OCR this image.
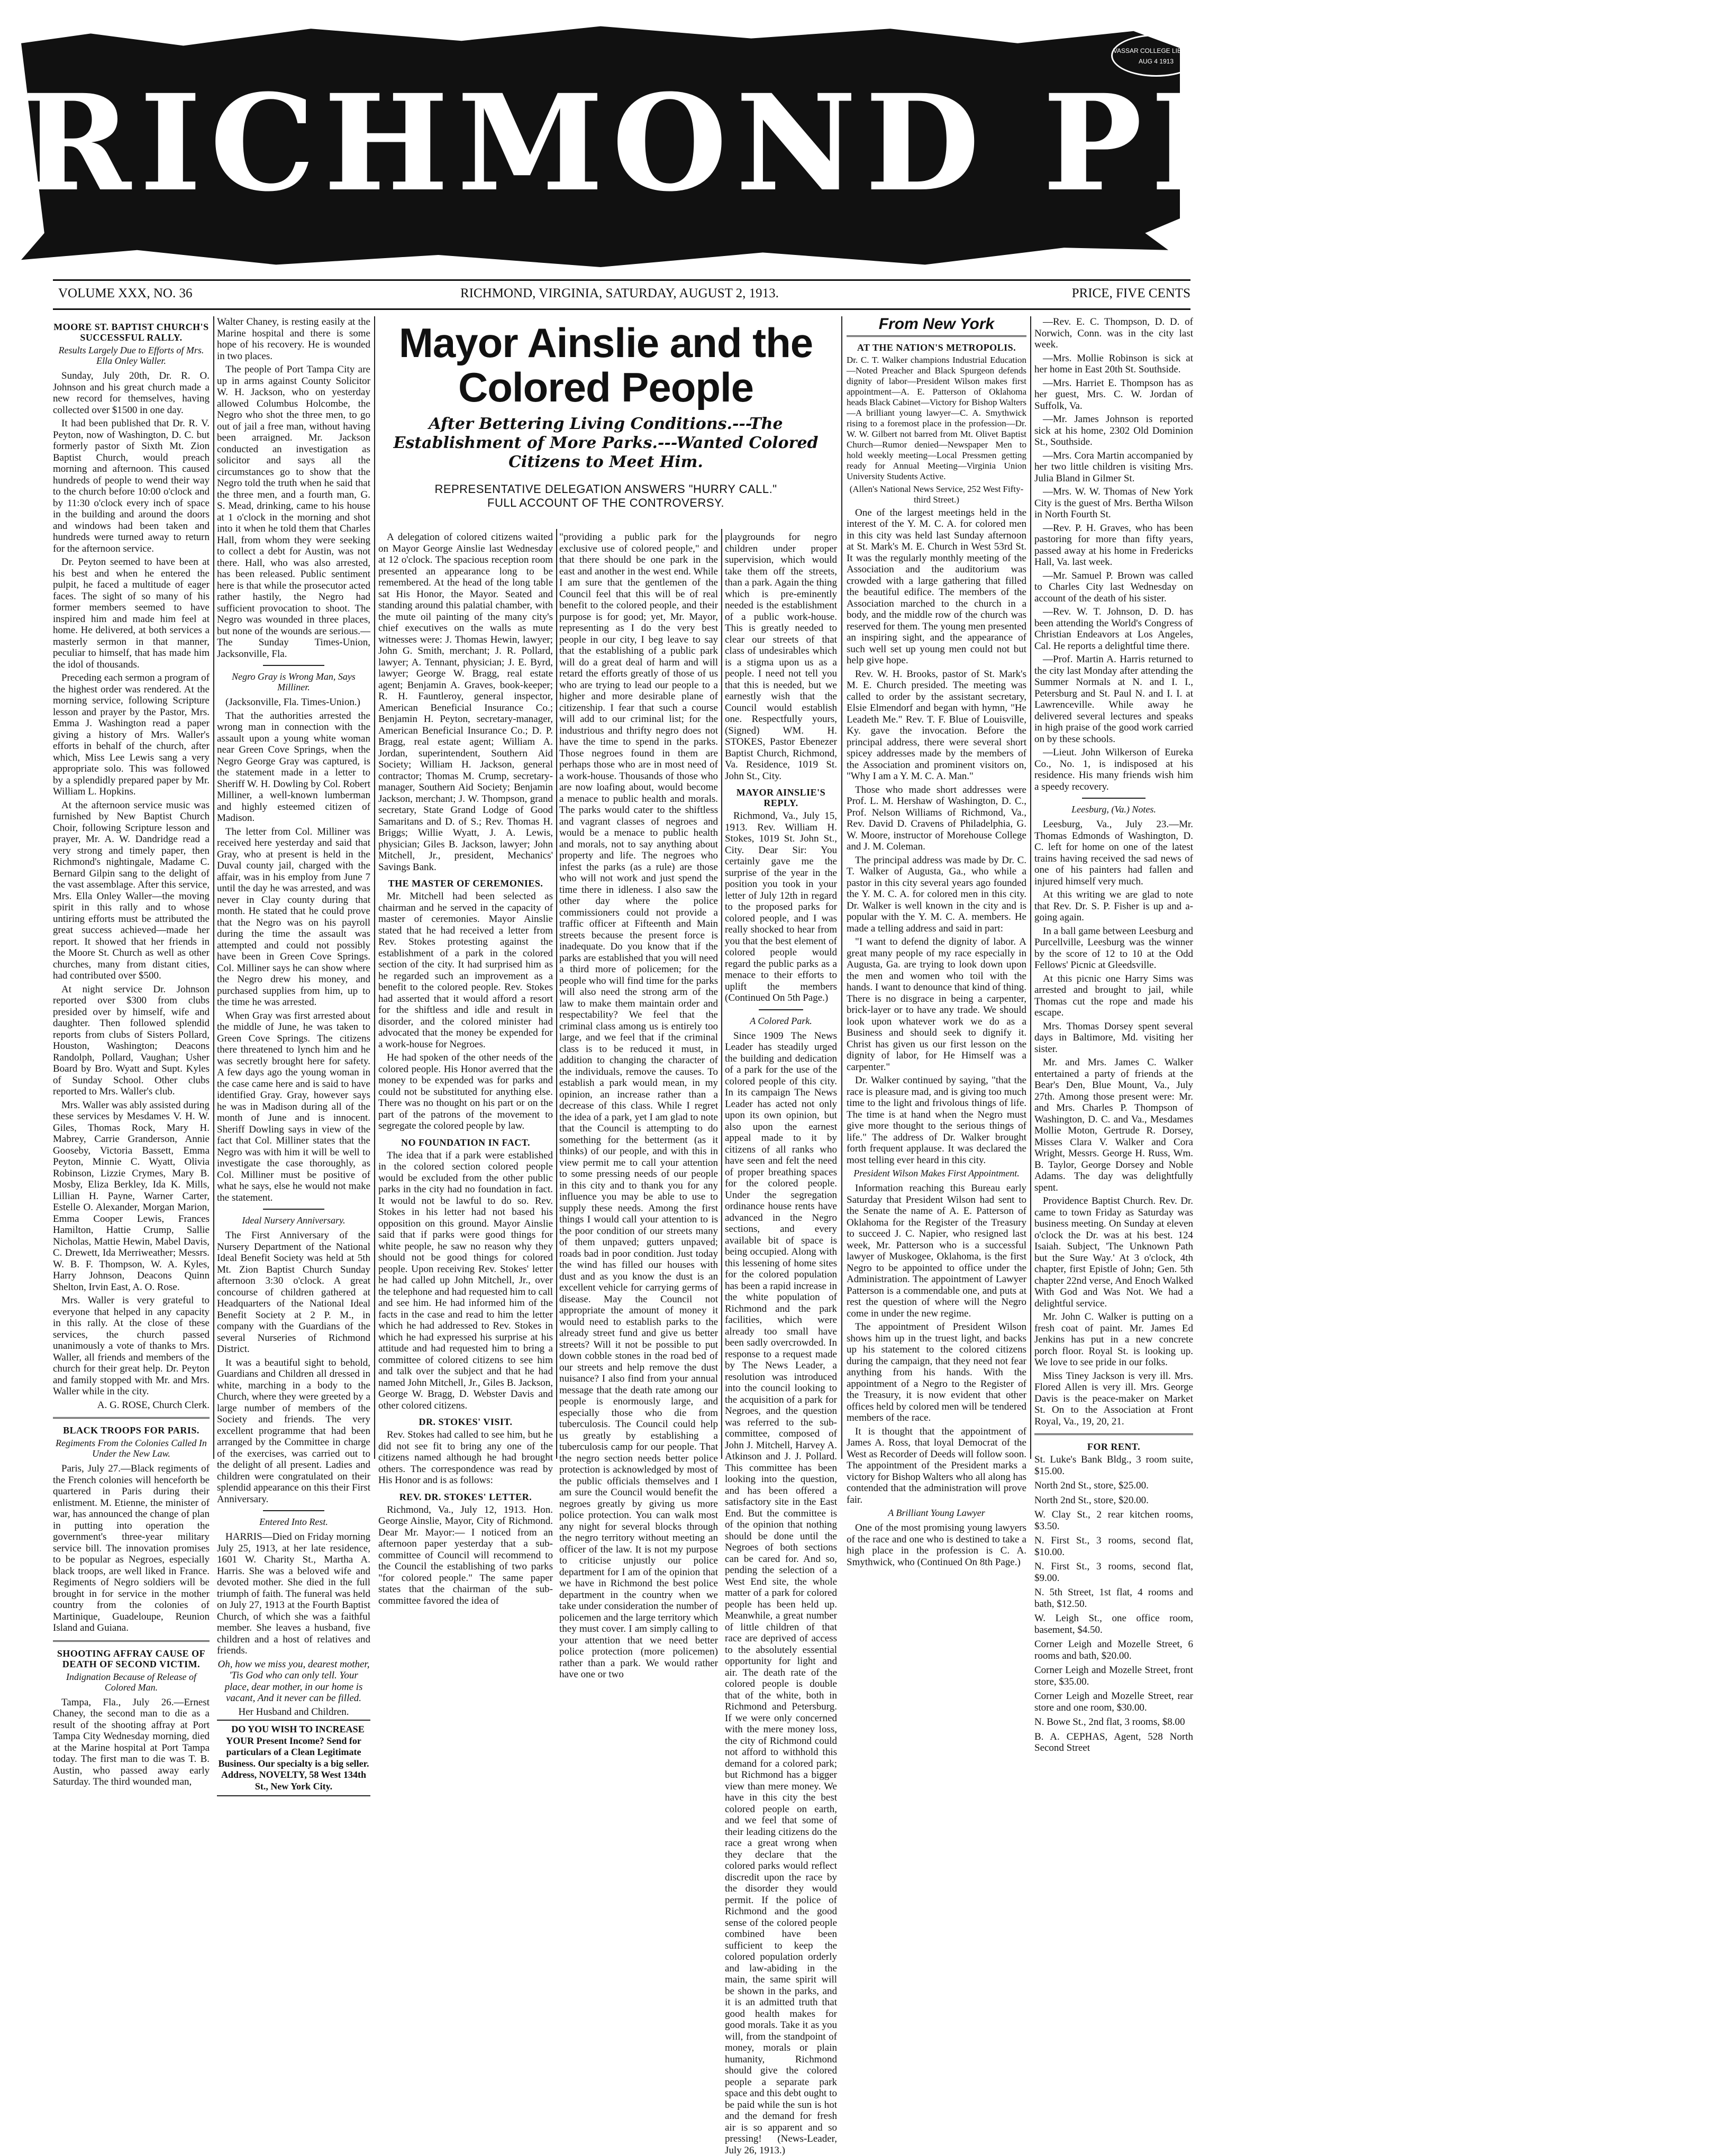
RICHMOND PLANET
VASSAR COLLEGE LIBRARY AUG 4 1913
VOLUME XXX, NO. 36	RICHMOND, VIRGINIA, SATURDAY, AUGUST 2, 1913.	PRICE, FIVE CENTS
MOORE ST. BAPTIST CHURCH'S SUCCESSFUL RALLY.
Results Largely Due to Efforts of Mrs. Ella Onley Waller.

Sunday, July 20th, Dr. R. O. Johnson and his great church made a new record for themselves, having collected over $1500 in one day.

It had been published that Dr. R. V. Peyton, now of Washington, D. C. but formerly pastor of Sixth Mt. Zion Baptist Church, would preach morning and afternoon. This caused hundreds of people to wend their way to the church before 10:00 o'clock and by 11:30 o'clock every inch of space in the building and around the doors and windows had been taken and hundreds were turned away to return for the afternoon service.

Dr. Peyton seemed to have been at his best and when he entered the pulpit, he faced a multitude of eager faces. The sight of so many of his former members seemed to have inspired him and made him feel at home. He delivered, at both services a masterly sermon in that manner, peculiar to himself, that has made him the idol of thousands.

Preceding each sermon a program of the highest order was rendered. At the morning service, following Scripture lesson and prayer by the Pastor, Mrs. Emma J. Washington read a paper giving a history of Mrs. Waller's efforts in behalf of the church, after which, Miss Lee Lewis sang a very appropriate solo. This was followed by a splendidly prepared paper by Mr. William L. Hopkins.

At the afternoon service music was furnished by New Baptist Church Choir, following Scripture lesson and prayer, Mr. A. W. Dandridge read a very strong and timely paper, then Richmond's nightingale, Madame C. Bernard Gilpin sang to the delight of the vast assemblage. After this service, Mrs. Ella Onley Waller—the moving spirit in this rally and to whose untiring efforts must be attributed the great success achieved—made her report. It showed that her friends in the Moore St. Church as well as other churches, many from distant cities, had contributed over $500.

At night service Dr. Johnson reported over $300 from clubs presided over by himself, wife and daughter. Then followed splendid reports from clubs of Sisters Pollard, Houston, Washington; Deacons Randolph, Pollard, Vaughan; Usher Board by Bro. Wyatt and Supt. Kyles of Sunday School. Other clubs reported to Mrs. Waller's club.

Mrs. Waller was ably assisted during these services by Mesdames V. H. W. Giles, Thomas Rock, Mary H. Mabrey, Carrie Granderson, Annie Gooseby, Victoria Bassett, Emma Peyton, Minnie C. Wyatt, Olivia Robinson, Lizzie Crymes, Mary B. Mosby, Eliza Berkley, Ida K. Mills, Lillian H. Payne, Warner Carter, Estelle O. Alexander, Morgan Marion, Emma Cooper Lewis, Frances Hamilton, Hattie Crump, Sallie Nicholas, Mattie Hewin, Mabel Davis, C. Drewett, Ida Merriweather; Messrs. W. B. F. Thompson, W. A. Kyles, Harry Johnson, Deacons Quinn Shelton, Irvin East, A. O. Rose.

Mrs. Waller is very grateful to everyone that helped in any capacity in this rally. At the close of these services, the church passed unanimously a vote of thanks to Mrs. Waller, all friends and members of the church for their great help. Dr. Peyton and family stopped with Mr. and Mrs. Waller while in the city.

A. G. ROSE, Church Clerk.

BLACK TROOPS FOR PARIS.
Regiments From the Colonies Called In Under the New Law.

Paris, July 27.—Black regiments of the French colonies will henceforth be quartered in Paris during their enlistment. M. Etienne, the minister of war, has announced the change of plan in putting into operation the government's three-year military service bill. The innovation promises to be popular as Negroes, especially black troops, are well liked in France. Regiments of Negro soldiers will be brought in for service in the mother country from the colonies of Martinique, Guadeloupe, Reunion Island and Guiana.

SHOOTING AFFRAY CAUSE OF DEATH OF SECOND VICTIM.
Indignation Because of Release of Colored Man.

Tampa, Fla., July 26.—Ernest Chaney, the second man to die as a result of the shooting affray at Port Tampa City Wednesday morning, died at the Marine hospital at Port Tampa today. The first man to die was T. B. Austin, who passed away early Saturday. The third wounded man,

Walter Chaney, is resting easily at the Marine hospital and there is some hope of his recovery. He is wounded in two places.

The people of Port Tampa City are up in arms against County Solicitor W. H. Jackson, who on yesterday allowed Columbus Holcombe, the Negro who shot the three men, to go out of jail a free man, without having been arraigned. Mr. Jackson conducted an investigation as solicitor and says all the circumstances go to show that the Negro told the truth when he said that the three men, and a fourth man, G. S. Mead, drinking, came to his house at 1 o'clock in the morning and shot into it when he told them that Charles Hall, from whom they were seeking to collect a debt for Austin, was not there. Hall, who was also arrested, has been released. Public sentiment here is that while the prosecutor acted rather hastily, the Negro had sufficient provocation to shoot. The Negro was wounded in three places, but none of the wounds are serious.—The Sunday Times-Union, Jacksonville, Fla.

Negro Gray is Wrong Man, Says Milliner.

(Jacksonville, Fla. Times-Union.)

That the authorities arrested the wrong man in connection with the assault upon a young white woman near Green Cove Springs, when the Negro George Gray was captured, is the statement made in a letter to Sheriff W. H. Dowling by Col. Robert Milliner, a well-known lumberman and highly esteemed citizen of Madison.

The letter from Col. Milliner was received here yesterday and said that Gray, who at present is held in the Duval county jail, charged with the affair, was in his employ from June 7 until the day he was arrested, and was never in Clay county during that month. He stated that he could prove that the Negro was on his payroll during the time the assault was attempted and could not possibly have been in Green Cove Springs. Col. Milliner says he can show where the Negro drew his money, and purchased supplies from him, up to the time he was arrested.

When Gray was first arrested about the middle of June, he was taken to Green Cove Springs. The citizens there threatened to lynch him and he was secretly brought here for safety. A few days ago the young woman in the case came here and is said to have identified Gray. Gray, however says he was in Madison during all of the month of June and is innocent. Sheriff Dowling says in view of the fact that Col. Milliner states that the Negro was with him it will be well to investigate the case thoroughly, as Col. Milliner must be positive of what he says, else he would not make the statement.

Ideal Nursery Anniversary.

The First Anniversary of the Nursery Department of the National Ideal Benefit Society was held at 5th Mt. Zion Baptist Church Sunday afternoon 3:30 o'clock. A great concourse of children gathered at Headquarters of the National Ideal Benefit Society at 2 P. M., in company with the Guardians of the several Nurseries of Richmond District.

It was a beautiful sight to behold, Guardians and Children all dressed in white, marching in a body to the Church, where they were greeted by a large number of members of the Society and friends. The very excellent programme that had been arranged by the Committee in charge of the exercises, was carried out to the delight of all present. Ladies and children were congratulated on their splendid appearance on this their First Anniversary.

Entered Into Rest.

HARRIS—Died on Friday morning July 25, 1913, at her late residence, 1601 W. Charity St., Martha A. Harris. She was a beloved wife and devoted mother. She died in the full triumph of faith. The funeral was held on July 27, 1913 at the Fourth Baptist Church, of which she was a faithful member. She leaves a husband, five children and a host of relatives and friends.

Oh, how we miss you, dearest mother, 'Tis God who can only tell. Your place, dear mother, in our home is vacant, And it never can be filled.

Her Husband and Children.

DO YOU WISH TO INCREASE YOUR Present Income? Send for particulars of a Clean Legitimate Business. Our specialty is a big seller. Address, NOVELTY, 58 West 134th St., New York City.

Mayor Ainslie and the Colored People
After Bettering Living Conditions.---The Establishment of More Parks.---Wanted Colored Citizens to Meet Him.
REPRESENTATIVE DELEGATION ANSWERS "HURRY CALL."
FULL ACCOUNT OF THE CONTROVERSY.

A delegation of colored citizens waited on Mayor George Ainslie last Wednesday at 12 o'clock. The spacious reception room presented an appearance long to be remembered. At the head of the long table sat His Honor, the Mayor. Seated and standing around this palatial chamber, with the mute oil painting of the many city's chief executives on the walls as mute witnesses were: J. Thomas Hewin, lawyer; John G. Smith, merchant; J. R. Pollard, lawyer; A. Tennant, physician; J. E. Byrd, lawyer; George W. Bragg, real estate agent; Benjamin A. Graves, book-keeper; R. H. Fauntleroy, general inspector, American Beneficial Insurance Co.; Benjamin H. Peyton, secretary-manager, American Beneficial Insurance Co.; D. P. Bragg, real estate agent; William A. Jordan, superintendent, Southern Aid Society; William H. Jackson, general contractor; Thomas M. Crump, secretary-manager, Southern Aid Society; Benjamin Jackson, merchant; J. W. Thompson, grand secretary, State Grand Lodge of Good Samaritans and D. of S.; Rev. Thomas H. Briggs; Willie Wyatt, J. A. Lewis, physician; Giles B. Jackson, lawyer; John Mitchell, Jr., president, Mechanics' Savings Bank.

THE MASTER OF CEREMONIES.

Mr. Mitchell had been selected as chairman and he served in the capacity of master of ceremonies. Mayor Ainslie stated that he had received a letter from Rev. Stokes protesting against the establishment of a park in the colored section of the city. It had surprised him as he regarded such an improvement as a benefit to the colored people. Rev. Stokes had asserted that it would afford a resort for the shiftless and idle and result in disorder, and the colored minister had advocated that the money be expended for a work-house for Negroes.

He had spoken of the other needs of the colored people. His Honor averred that the money to be expended was for parks and could not be substituted for anything else. There was no thought on his part or on the part of the patrons of the movement to segregate the colored people by law.

NO FOUNDATION IN FACT.

The idea that if a park were established in the colored section colored people would be excluded from the other public parks in the city had no foundation in fact. It would not be lawful to do so. Rev. Stokes in his letter had not based his opposition on this ground. Mayor Ainslie said that if parks were good things for white people, he saw no reason why they should not be good things for colored people. Upon receiving Rev. Stokes' letter he had called up John Mitchell, Jr., over the telephone and had requested him to call and see him. He had informed him of the facts in the case and read to him the letter which he had addressed to Rev. Stokes in which he had expressed his surprise at his attitude and had requested him to bring a committee of colored citizens to see him and talk over the subject and that he had named John Mitchell, Jr., Giles B. Jackson, George W. Bragg, D. Webster Davis and other colored citizens.

DR. STOKES' VISIT.

Rev. Stokes had called to see him, but he did not see fit to bring any one of the citizens named although he had brought others. The correspondence was read by His Honor and is as follows:

REV. DR. STOKES' LETTER.

Richmond, Va., July 12, 1913. Hon. George Ainslie, Mayor, City of Richmond. Dear Mr. Mayor:— I noticed from an afternoon paper yesterday that a sub-committee of Council will recommend to the Council the establishing of two parks "for colored people." The same paper states that the chairman of the sub-committee favored the idea of

"providing a public park for the exclusive use of colored people," and that there should be one park in the east and another in the west end. While I am sure that the gentlemen of the Council feel that this will be of real benefit to the colored people, and their purpose is for good; yet, Mr. Mayor, representing as I do the very best people in our city, I beg leave to say that the establishing of a public park will do a great deal of harm and will retard the efforts greatly of those of us who are trying to lead our people to a higher and more desirable plane of citizenship. I fear that such a course will add to our criminal list; for the industrious and thrifty negro does not have the time to spend in the parks. Those negroes found in them are perhaps those who are in most need of a work-house. Thousands of those who are now loafing about, would become a menace to public health and morals. The parks would cater to the shiftless and vagrant classes of negroes and would be a menace to public health and morals, not to say anything about property and life. The negroes who infest the parks (as a rule) are those who will not work and just spend the time there in idleness. I also saw the other day where the police commissioners could not provide a traffic officer at Fifteenth and Main streets because the present force is inadequate. Do you know that if the parks are established that you will need a third more of policemen; for the people who will find time for the parks will also need the strong arm of the law to make them maintain order and respectability? We feel that the criminal class among us is entirely too large, and we feel that if the criminal class is to be reduced it must, in addition to changing the character of the individuals, remove the causes. To establish a park would mean, in my opinion, an increase rather than a decrease of this class. While I regret the idea of a park, yet I am glad to note that the Council is attempting to do something for the betterment (as it thinks) of our people, and with this in view permit me to call your attention to some pressing needs of our people in this city and to thank you for any influence you may be able to use to supply these needs. Among the first things I would call your attention to is the poor condition of our streets many of them unpaved; gutters unpaved; roads bad in poor condition. Just today the wind has filled our houses with dust and as you know the dust is an excellent vehicle for carrying germs of disease. May the Council not appropriate the amount of money it would need to establish parks to the already street fund and give us better streets? Will it not be possible to put down cobble stones in the road bed of our streets and help remove the dust nuisance? I also find from your annual message that the death rate among our people is enormously large, and especially those who die from tuberculosis. The Council could help us greatly by establishing a tuberculosis camp for our people. That the negro section needs better police protection is acknowledged by most of the public officials themselves and I am sure the Council would benefit the negroes greatly by giving us more police protection. You can walk most any night for several blocks through the negro territory without meeting an officer of the law. It is not my purpose to criticise unjustly our police department for I am of the opinion that we have in Richmond the best police department in the country when we take under consideration the number of policemen and the large territory which they must cover. I am simply calling to your attention that we need better police protection (more policemen) rather than a park. We would rather have one or two

playgrounds for negro children under proper supervision, which would take them off the streets, than a park. Again the thing which is pre-eminently needed is the establishment of a public work-house. This is greatly needed to clear our streets of that class of undesirables which is a stigma upon us as a people. I need not tell you that this is needed, but we earnestly wish that the Council would establish one. Respectfully yours, (Signed) WM. H. STOKES, Pastor Ebenezer Baptist Church, Richmond, Va. Residence, 1019 St. John St., City.

MAYOR AINSLIE'S REPLY.

Richmond, Va., July 15, 1913. Rev. William H. Stokes, 1019 St. John St., City. Dear Sir: You certainly gave me the surprise of the year in the position you took in your letter of July 12th in regard to the proposed parks for colored people, and I was really shocked to hear from you that the best element of colored people would regard the public parks as a menace to their efforts to uplift the members (Continued On 5th Page.)

A Colored Park.

Since 1909 The News Leader has steadily urged the building and dedication of a park for the use of the colored people of this city. In its campaign The News Leader has acted not only upon its own opinion, but also upon the earnest appeal made to it by citizens of all ranks who have seen and felt the need of proper breathing spaces for the colored people. Under the segregation ordinance house rents have advanced in the Negro sections, and every available bit of space is being occupied. Along with this lessening of home sites for the colored population has been a rapid increase in the white population of Richmond and the park facilities, which were already too small have been sadly overcrowded. In response to a request made by The News Leader, a resolution was introduced into the council looking to the acquisition of a park for Negroes, and the question was referred to the sub-committee, composed of John J. Mitchell, Harvey A. Atkinson and J. J. Pollard. This committee has been looking into the question, and has been offered a satisfactory site in the East End. But the committee is of the opinion that nothing should be done until the Negroes of both sections can be cared for. And so, pending the selection of a West End site, the whole matter of a park for colored people has been held up. Meanwhile, a great number of little children of that race are deprived of access to the absolutely essential opportunity for light and air. The death rate of the colored people is double that of the white, both in Richmond and Petersburg. If we were only concerned with the mere money loss, the city of Richmond could not afford to withhold this demand for a colored park; but Richmond has a bigger view than mere money. We have in this city the best colored people on earth, and we feel that some of their leading citizens do the race a great wrong when they declare that the colored parks would reflect discredit upon the race by the disorder they would permit. If the police of Richmond and the good sense of the colored people combined have been sufficient to keep the colored population orderly and law-abiding in the main, the same spirit will be shown in the parks, and it is an admitted truth that good health makes for good morals. Take it as you will, from the standpoint of money, morals or plain humanity, Richmond should give the colored people a separate park space and this debt ought to be paid while the sun is hot and the demand for fresh air is so apparent and so pressing! (News-Leader, July 26, 1913.)

From New York
AT THE NATION'S METROPOLIS.

Dr. C. T. Walker champions Industrial Education—Noted Preacher and Black Spurgeon defends dignity of labor—President Wilson makes first appointment—A. E. Patterson of Oklahoma heads Black Cabinet—Victory for Bishop Walters—A brilliant young lawyer—C. A. Smythwick rising to a foremost place in the profession—Dr. W. W. Gilbert not barred from Mt. Olivet Baptist Church—Rumor denied—Newspaper Men to hold weekly meeting—Local Pressmen getting ready for Annual Meeting—Virginia Union University Students Active.

(Allen's National News Service, 252 West Fifty-third Street.)

One of the largest meetings held in the interest of the Y. M. C. A. for colored men in this city was held last Sunday afternoon at St. Mark's M. E. Church in West 53rd St. It was the regularly monthly meeting of the Association and the auditorium was crowded with a large gathering that filled the beautiful edifice. The members of the Association marched to the church in a body, and the middle row of the church was reserved for them. The young men presented an inspiring sight, and the appearance of such well set up young men could not but help give hope.

Rev. W. H. Brooks, pastor of St. Mark's M. E. Church presided. The meeting was called to order by the assistant secretary, Elsie Elmendorf and began with hymn, "He Leadeth Me." Rev. T. F. Blue of Louisville, Ky. gave the invocation. Before the principal address, there were several short spicey addresses made by the members of the Association and prominent visitors on, "Why I am a Y. M. C. A. Man."

Those who made short addresses were Prof. L. M. Hershaw of Washington, D. C., Prof. Nelson Williams of Richmond, Va., Rev. David D. Cravens of Philadelphia, G. W. Moore, instructor of Morehouse College and J. M. Coleman.

The principal address was made by Dr. C. T. Walker of Augusta, Ga., who while a pastor in this city several years ago founded the Y. M. C. A. for colored men in this city. Dr. Walker is well known in the city and is popular with the Y. M. C. A. members. He made a telling address and said in part:

"I want to defend the dignity of labor. A great many people of my race especially in Augusta, Ga. are trying to look down upon the men and women who toil with the hands. I want to denounce that kind of thing. There is no disgrace in being a carpenter, brick-layer or to have any trade. We should look upon whatever work we do as a Business and should seek to dignify it. Christ has given us our first lesson on the dignity of labor, for He Himself was a carpenter."

Dr. Walker continued by saying, "that the race is pleasure mad, and is giving too much time to the light and frivolous things of life. The time is at hand when the Negro must give more thought to the serious things of life." The address of Dr. Walker brought forth frequent applause. It was declared the most telling ever heard in this city.

President Wilson Makes First Appointment.

Information reaching this Bureau early Saturday that President Wilson had sent to the Senate the name of A. E. Patterson of Oklahoma for the Register of the Treasury to succeed J. C. Napier, who resigned last week, Mr. Patterson who is a successful lawyer of Muskogee, Oklahoma, is the first Negro to be appointed to office under the Administration. The appointment of Lawyer Patterson is a commendable one, and puts at rest the question of where will the Negro come in under the new regime.

The appointment of President Wilson shows him up in the truest light, and backs up his statement to the colored citizens during the campaign, that they need not fear anything from his hands. With the appointment of a Negro to the Register of the Treasury, it is now evident that other offices held by colored men will be tendered members of the race.

It is thought that the appointment of James A. Ross, that loyal Democrat of the West as Recorder of Deeds will follow soon. The appointment of the President marks a victory for Bishop Walters who all along has contended that the administration will prove fair.

A Brilliant Young Lawyer

One of the most promising young lawyers of the race and one who is destined to take a high place in the profession is C. A. Smythwick, who (Continued On 8th Page.)

—Rev. E. C. Thompson, D. D. of Norwich, Conn. was in the city last week.

—Mrs. Mollie Robinson is sick at her home in East 20th St. Southside.

—Mrs. Harriet E. Thompson has as her guest, Mrs. C. W. Jordan of Suffolk, Va.

—Mr. James Johnson is reported sick at his home, 2302 Old Dominion St., Southside.

—Mrs. Cora Martin accompanied by her two little children is visiting Mrs. Julia Bland in Gilmer St.

—Mrs. W. W. Thomas of New York City is the guest of Mrs. Bertha Wilson in North Fourth St.

—Rev. P. H. Graves, who has been pastoring for more than fifty years, passed away at his home in Fredericks Hall, Va. last week.

—Mr. Samuel P. Brown was called to Charles City last Wednesday on account of the death of his sister.

—Rev. W. T. Johnson, D. D. has been attending the World's Congress of Christian Endeavors at Los Angeles, Cal. He reports a delightful time there.

—Prof. Martin A. Harris returned to the city last Monday after attending the Summer Normals at N. and I. I., Petersburg and St. Paul N. and I. I. at Lawrenceville. While away he delivered several lectures and speaks in high praise of the good work carried on by these schools.

—Lieut. John Wilkerson of Eureka Co., No. 1, is indisposed at his residence. His many friends wish him a speedy recovery.

Leesburg, (Va.) Notes.

Leesburg, Va., July 23.—Mr. Thomas Edmonds of Washington, D. C. left for home on one of the latest trains having received the sad news of one of his painters had fallen and injured himself very much.

At this writing we are glad to note that Rev. Dr. S. P. Fisher is up and a-going again.

In a ball game between Leesburg and Purcellville, Leesburg was the winner by the score of 12 to 10 at the Odd Fellows' Picnic at Gleedsville.

At this picnic one Harry Sims was arrested and brought to jail, while Thomas cut the rope and made his escape.

Mrs. Thomas Dorsey spent several days in Baltimore, Md. visiting her sister.

Mr. and Mrs. James C. Walker entertained a party of friends at the Bear's Den, Blue Mount, Va., July 27th. Among those present were: Mr. and Mrs. Charles P. Thompson of Washington, D. C. and Va., Mesdames Mollie Moton, Gertrude R. Dorsey, Misses Clara V. Walker and Cora Wright, Messrs. George H. Russ, Wm. B. Taylor, George Dorsey and Noble Adams. The day was delightfully spent.

Providence Baptist Church. Rev. Dr. came to town Friday as Saturday was business meeting. On Sunday at eleven o'clock the Dr. was at his best. 124 Isaiah. Subject, 'The Unknown Path but the Sure Way.' At 3 o'clock, 4th chapter, first Epistle of John; Gen. 5th chapter 22nd verse, And Enoch Walked With God and Was Not. We had a delightful service.

Mr. John C. Walker is putting on a fresh coat of paint. Mr. James Ed Jenkins has put in a new concrete porch floor. Royal St. is looking up. We love to see pride in our folks.

Miss Tiney Jackson is very ill. Mrs. Flored Allen is very ill. Mrs. George Davis is the peace-maker on Market St. On to the Association at Front Royal, Va., 19, 20, 21.

FOR RENT.

St. Luke's Bank Bldg., 3 room suite, $15.00.

North 2nd St., store, $25.00.

North 2nd St., store, $20.00.

W. Clay St., 2 rear kitchen rooms, $3.50.

N. First St., 3 rooms, second flat, $10.00.

N. First St., 3 rooms, second flat, $9.00.

N. 5th Street, 1st flat, 4 rooms and bath, $12.50.

W. Leigh St., one office room, basement, $4.50.

Corner Leigh and Mozelle Street, 6 rooms and bath, $20.00.

Corner Leigh and Mozelle Street, front store, $35.00.

Corner Leigh and Mozelle Street, rear store and one room, $30.00.

N. Bowe St., 2nd flat, 3 rooms, $8.00

B. A. CEPHAS, Agent, 528 North Second Street
